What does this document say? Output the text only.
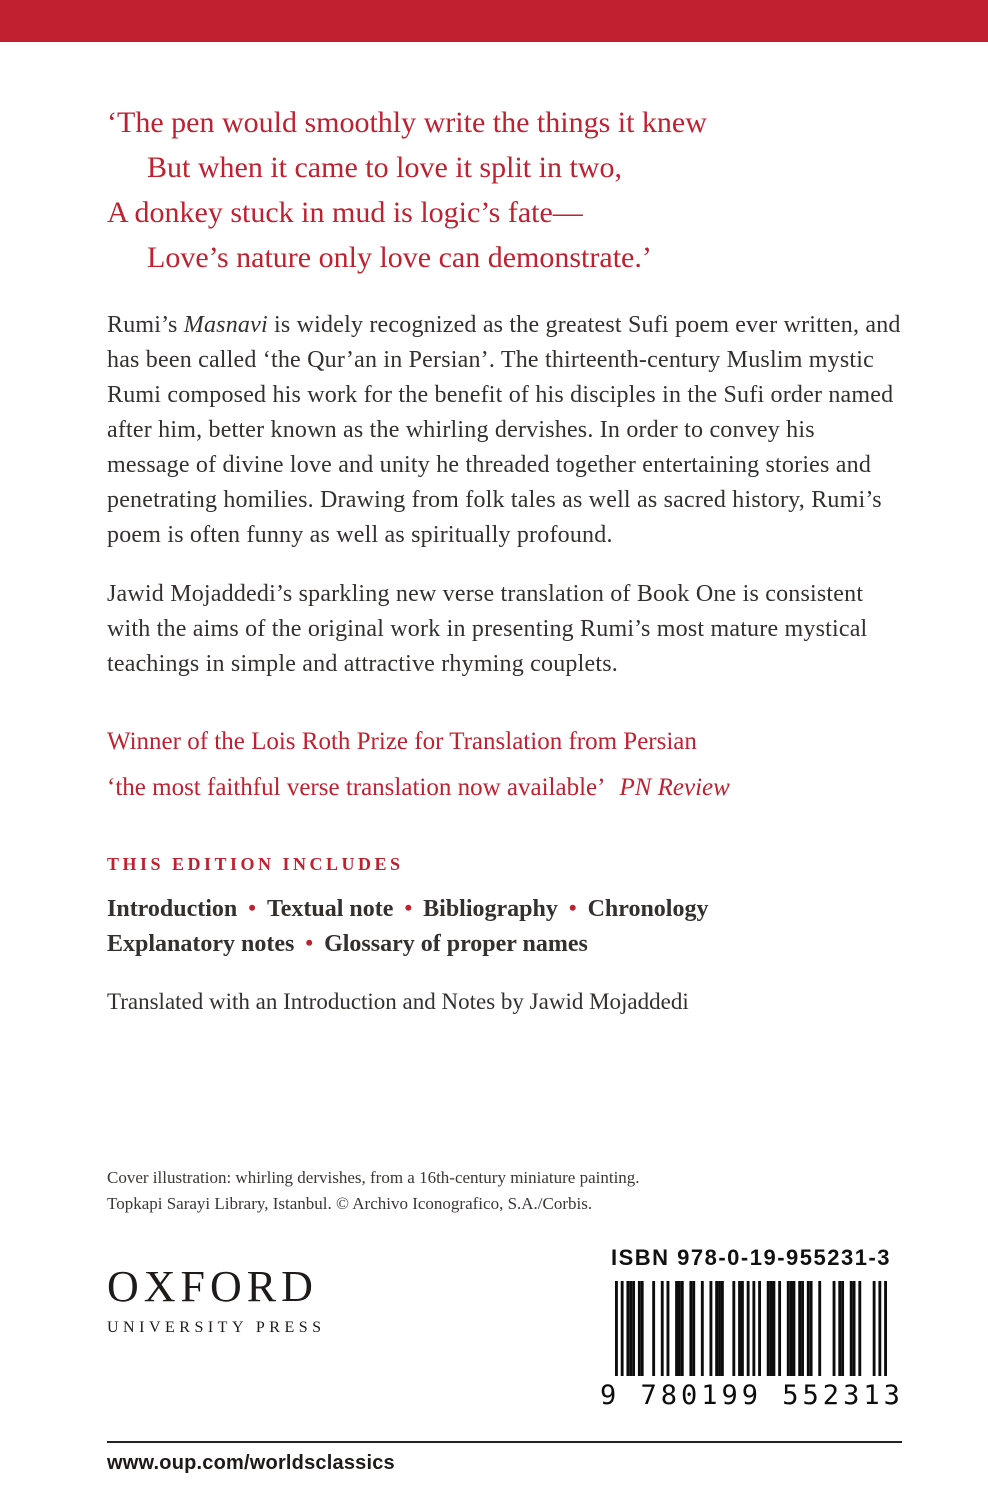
‘The pen would smoothly write the things it knew
But when it came to love it split in two,
A donkey stuck in mud is logic’s fate—
Love’s nature only love can demonstrate.’

Rumi’s Masnavi is widely recognized as the greatest Sufi poem ever written, and has been called ‘the Qur’an in Persian’. The thirteenth-century Muslim mystic Rumi composed his work for the benefit of his disciples in the Sufi order named after him, better known as the whirling dervishes. In order to convey his message of divine love and unity he threaded together entertaining stories and penetrating homilies. Drawing from folk tales as well as sacred history, Rumi’s poem is often funny as well as spiritually profound.

Jawid Mojaddedi’s sparkling new verse translation of Book One is consistent with the aims of the original work in presenting Rumi’s most mature mystical teachings in simple and attractive rhyming couplets.

Winner of the Lois Roth Prize for Translation from Persian
‘the most faithful verse translation now available’ PN Review
THIS EDITION INCLUDES
Introduction • Textual note • Bibliography • Chronology
Explanatory notes • Glossary of proper names
Translated with an Introduction and Notes by Jawid Mojaddedi
Cover illustration: whirling dervishes, from a 16th-century miniature painting.
Topkapi Sarayi Library, Istanbul. © Archivo Iconografico, S.A./Corbis.
OXFORD
UNIVERSITY PRESS
ISBN 978-0-19-955231-3
9 780199 552313
www.oup.com/worldsclassics
